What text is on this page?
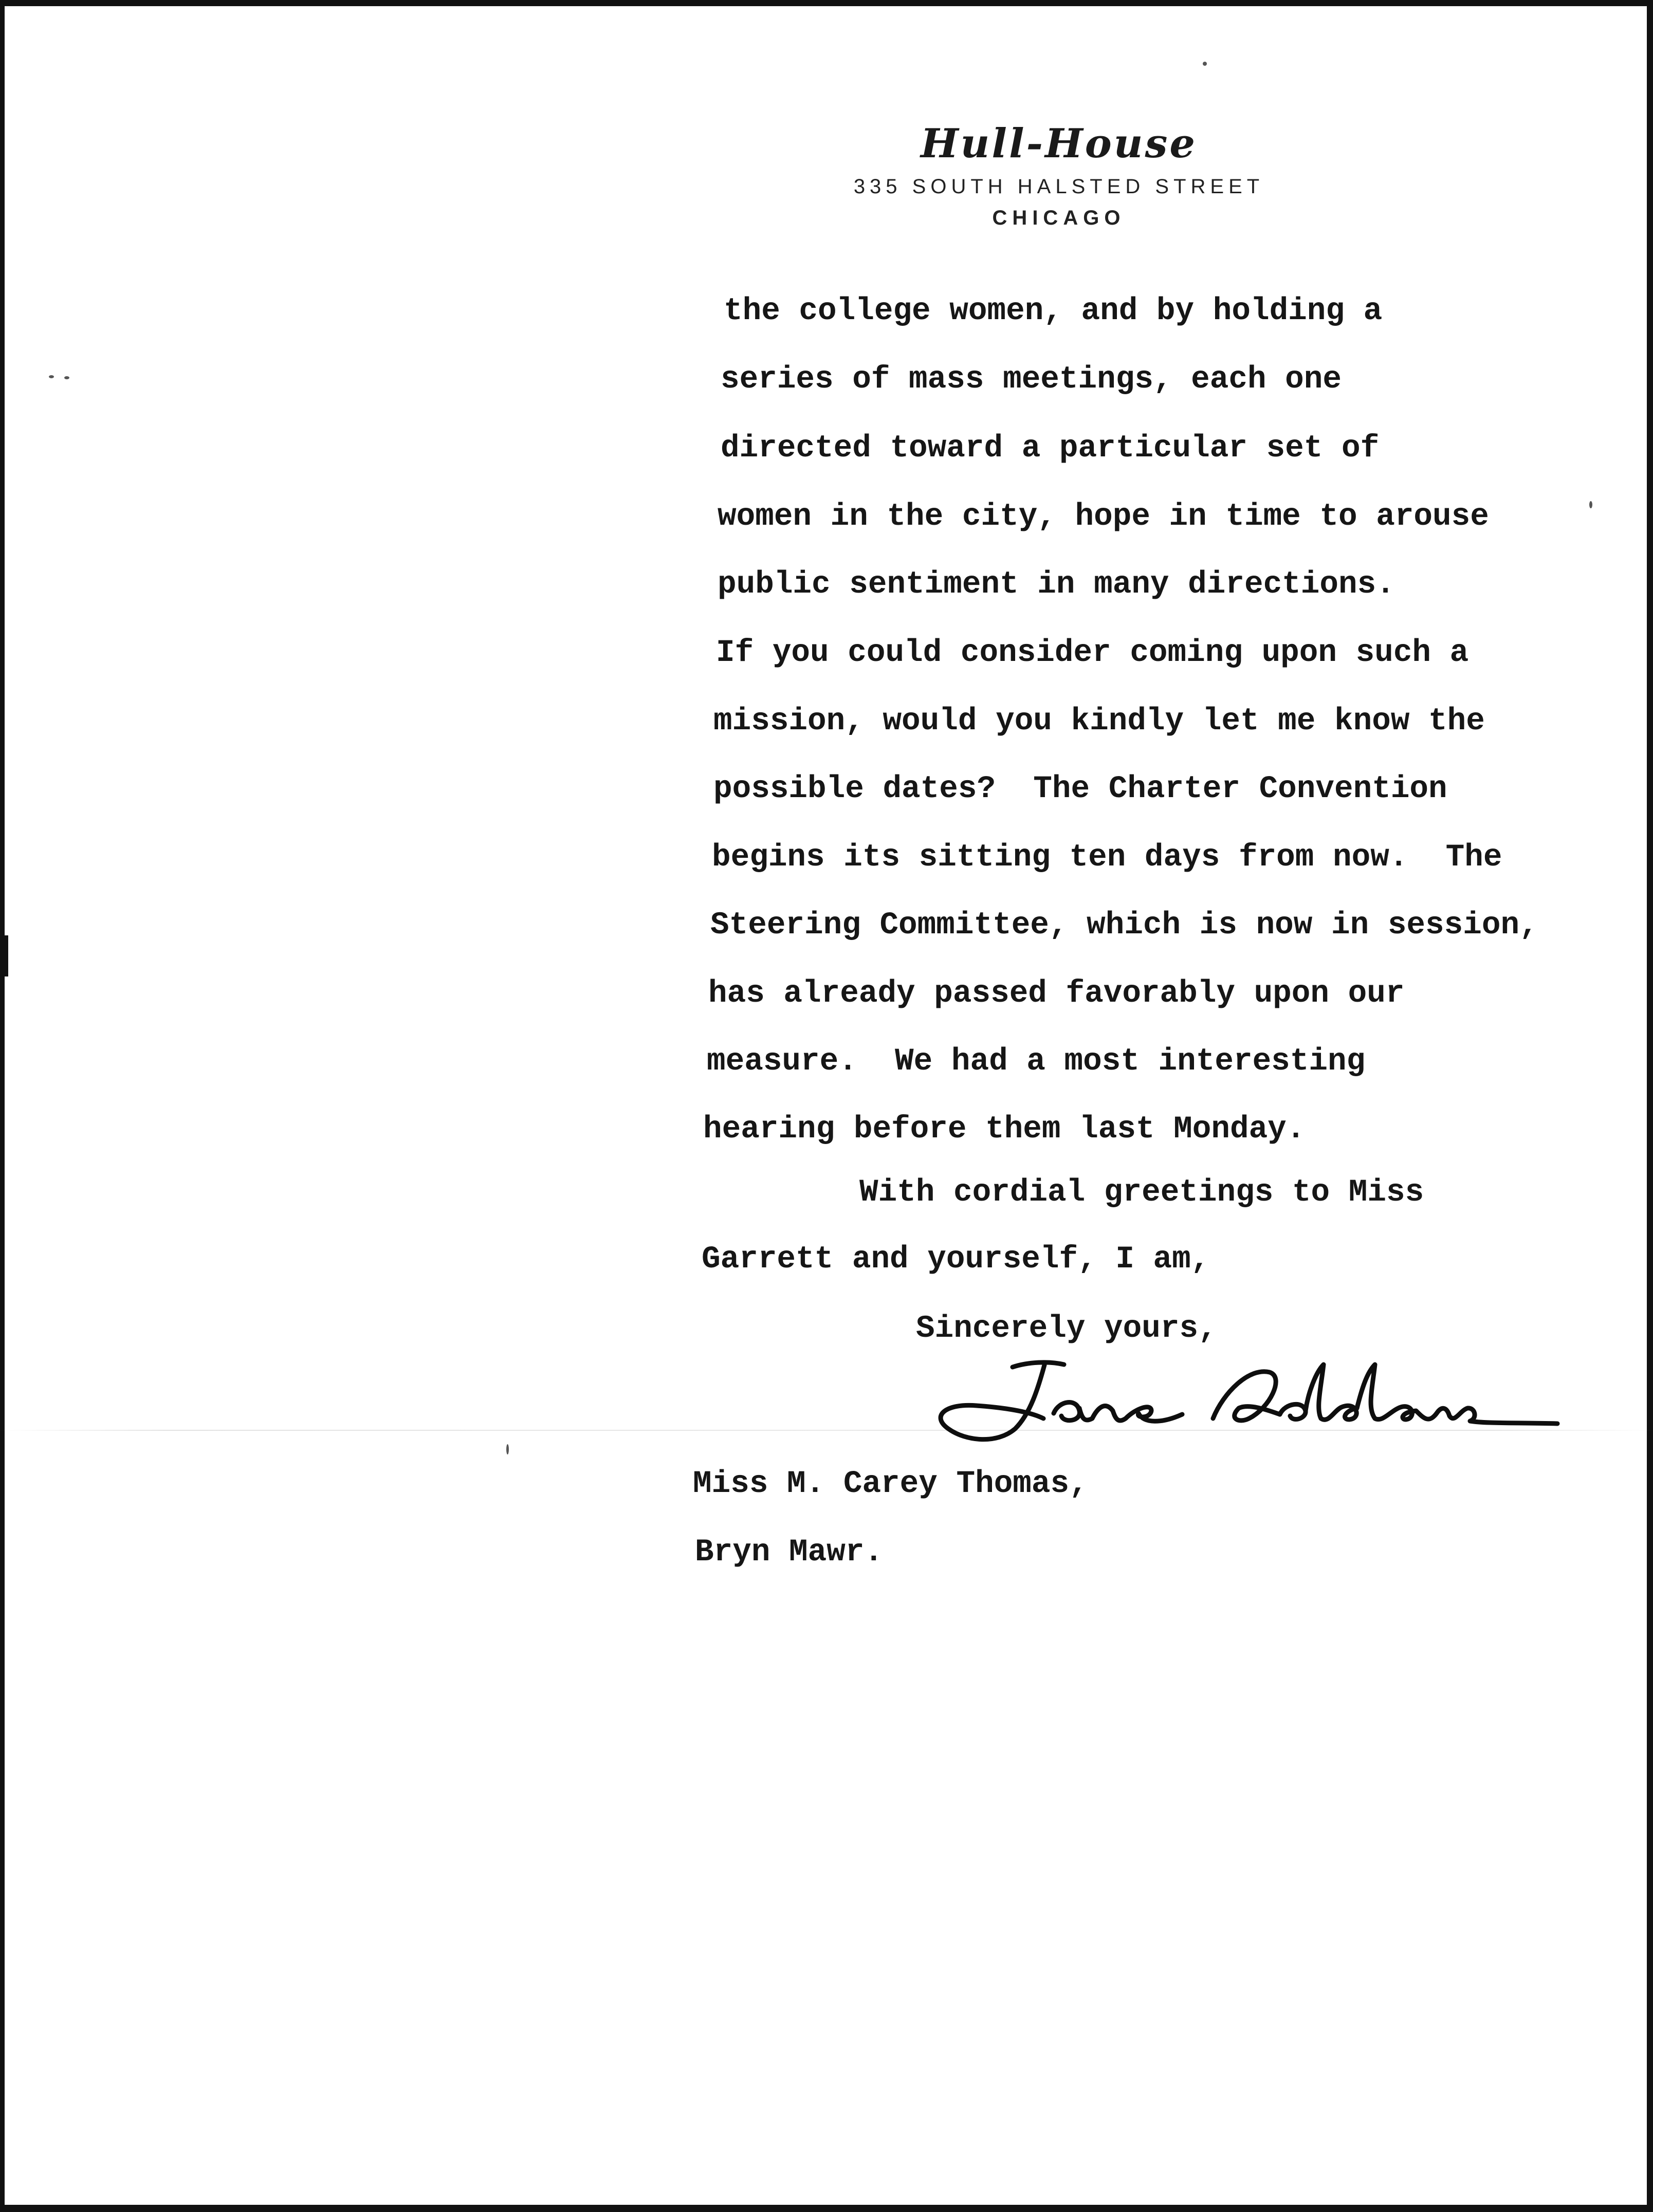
Hull-House
335 SOUTH HALSTED STREET
CHICAGO
the college women, and by holding a
series of mass meetings, each one
directed toward a particular set of
women in the city, hope in time to arouse
public sentiment in many directions.
If you could consider coming upon such a
mission, would you kindly let me know the
possible dates?  The Charter Convention
begins its sitting ten days from now.  The
Steering Committee, which is now in session,
has already passed favorably upon our
measure.  We had a most interesting
hearing before them last Monday.
With cordial greetings to Miss
Garrett and yourself, I am,
Sincerely yours,
Miss M. Carey Thomas,
Bryn Mawr.
